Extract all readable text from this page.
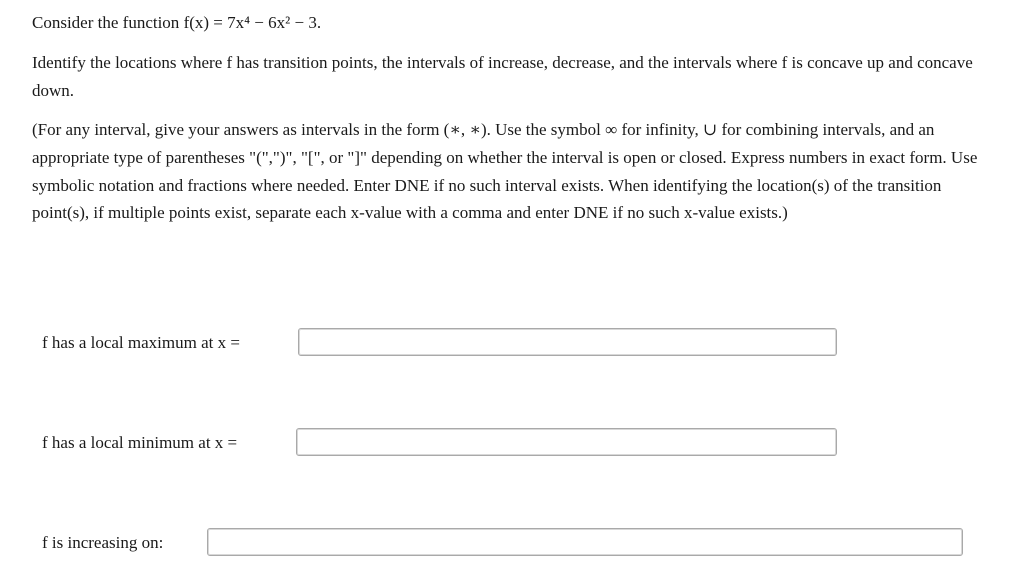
Consider the function f(x) = 7x⁴ − 6x² − 3.
Identify the locations where f has transition points, the intervals of increase, decrease, and the intervals where f is concave up and concave down.
(For any interval, give your answers as intervals in the form (∗, ∗). Use the symbol ∞ for infinity, ∪ for combining intervals, and an appropriate type of parentheses "(",")", "[", or "]" depending on whether the interval is open or closed. Express numbers in exact form. Use symbolic notation and fractions where needed. Enter DNE if no such interval exists. When identifying the location(s) of the transition point(s), if multiple points exist, separate each x-value with a comma and enter DNE if no such x-value exists.)
f has a local maximum at x =
f has a local minimum at x =
f is increasing on:
